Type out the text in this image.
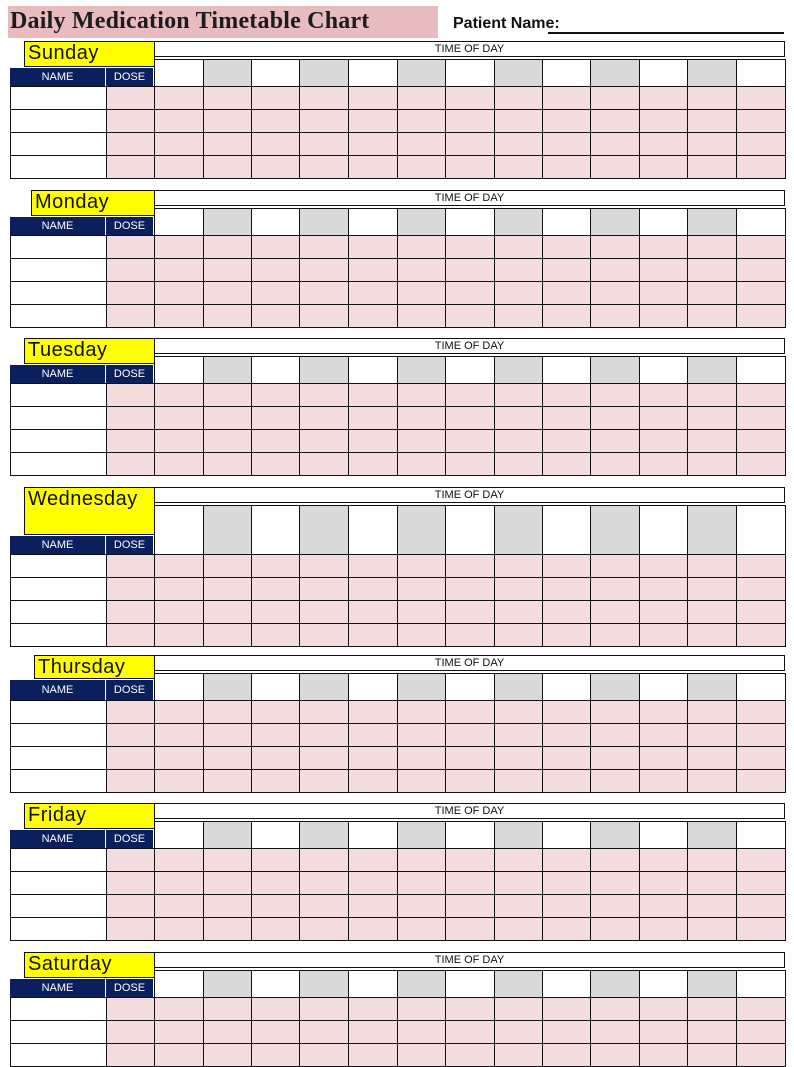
Daily Medication Timetable Chart	Patient Name:
Sunday	TIME OF DAY
NAME	DOSE
Monday	TIME OF DAY
NAME	DOSE
Tuesday	TIME OF DAY
NAME	DOSE
Wednesday	TIME OF DAY
NAME	DOSE
Thursday	TIME OF DAY
NAME	DOSE
Friday	TIME OF DAY
NAME	DOSE
Saturday	TIME OF DAY
NAME	DOSE
